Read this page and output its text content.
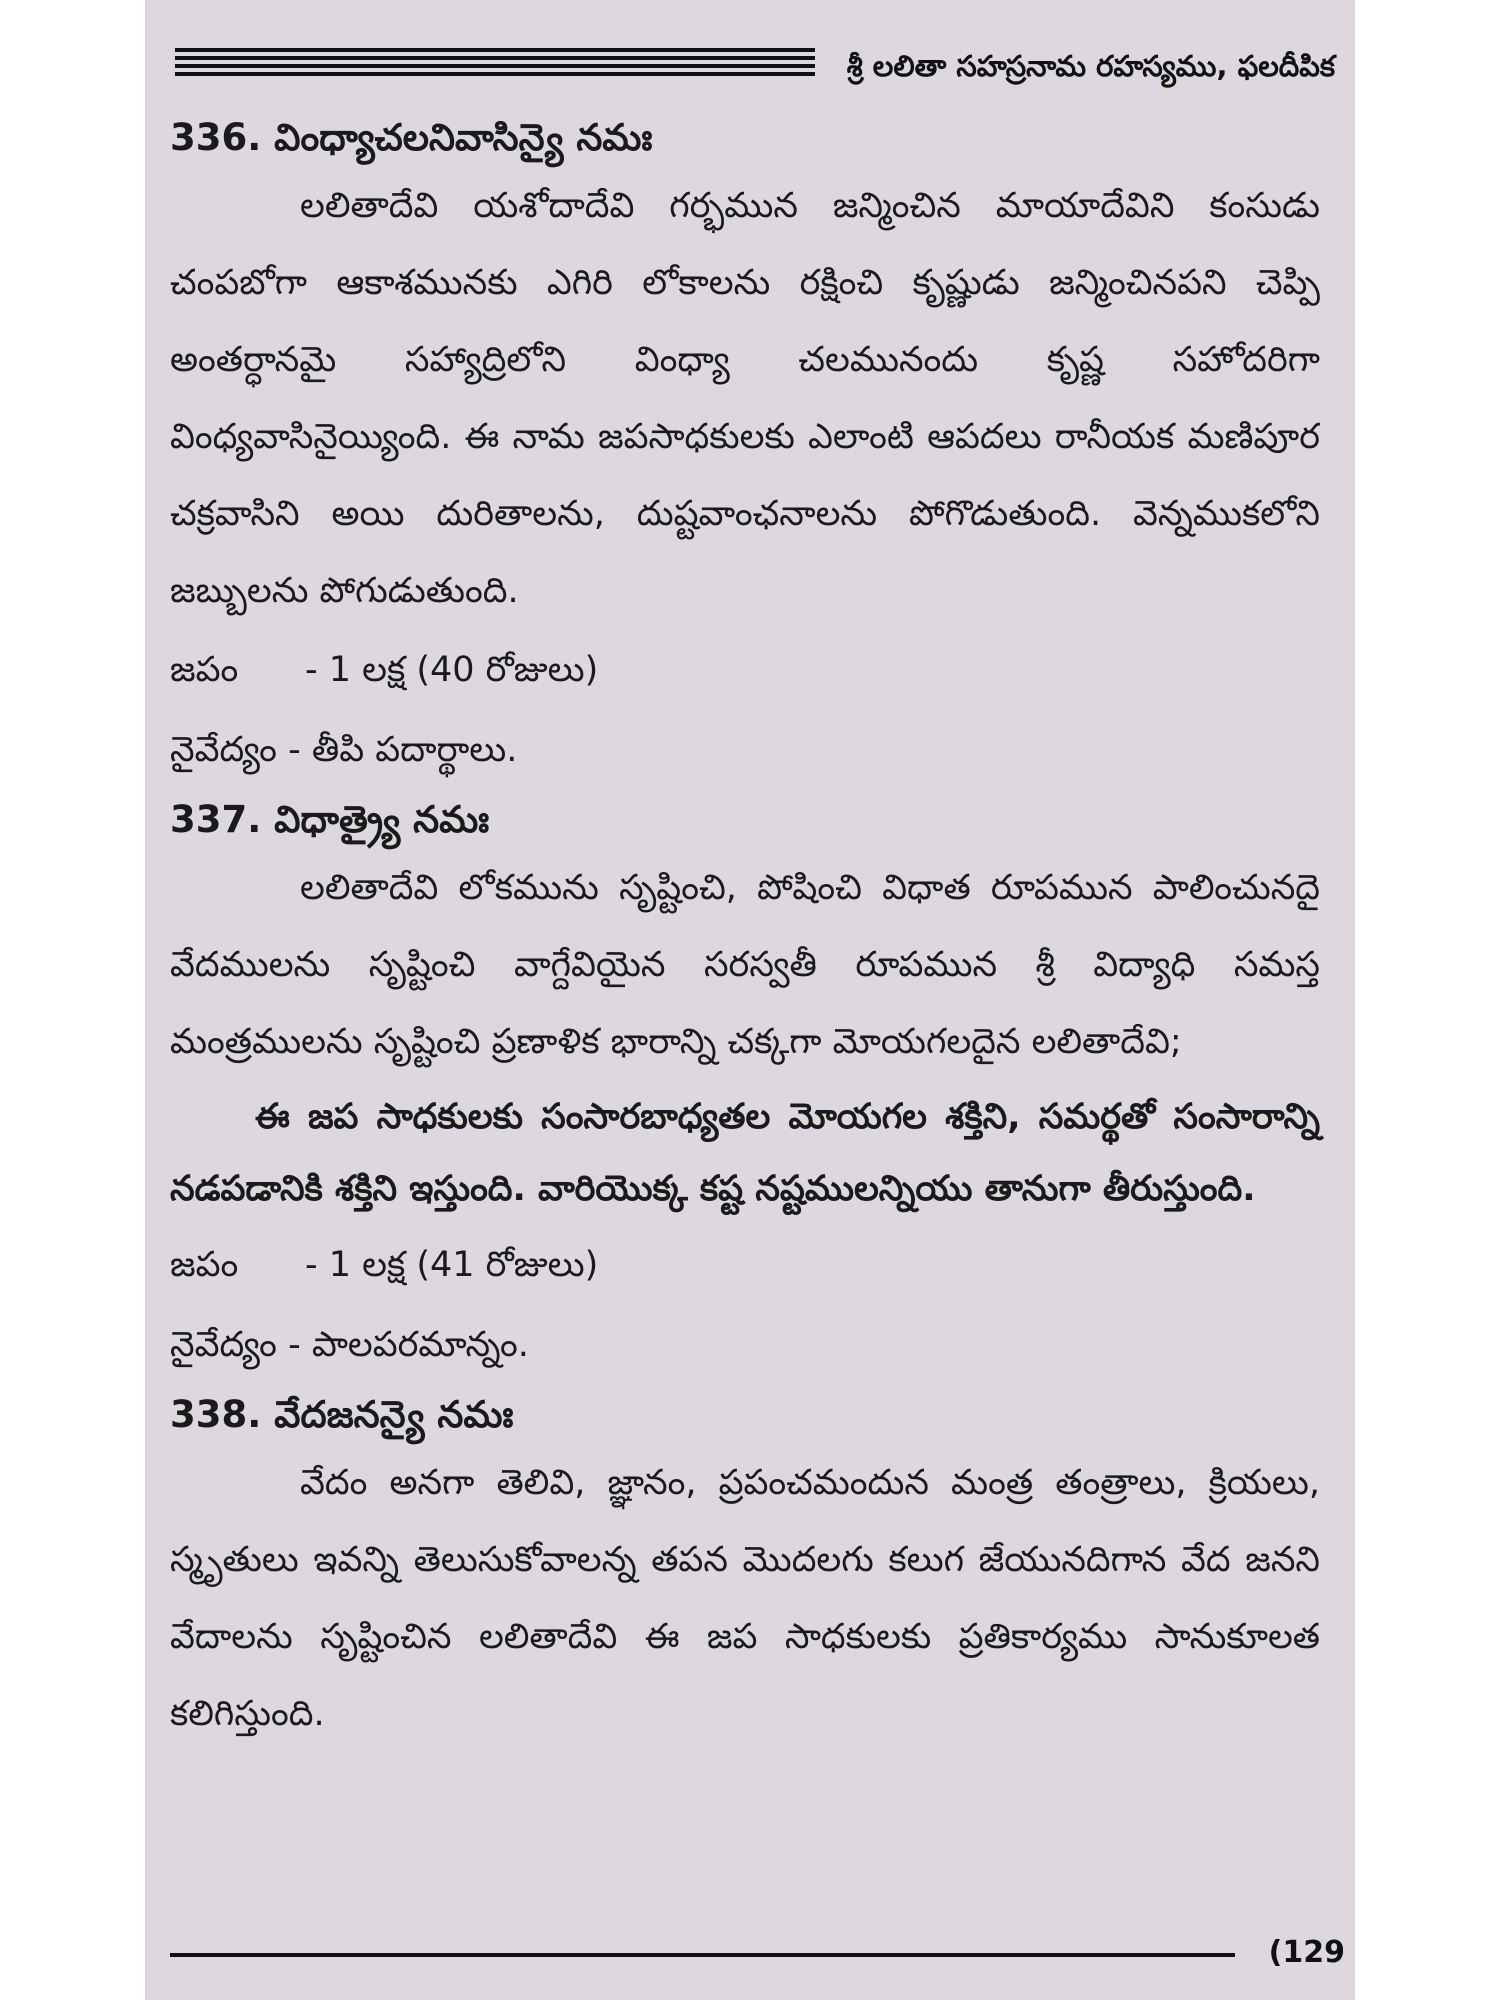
శ్రీ లలితా సహస్రనామ రహస్యము, ఫలదీపిక

336. వింధ్యాచలనివాసిన్యై నమః

లలితాదేవి యశోదాదేవి గర్భమున జన్మించిన మాయాదేవిని కంసుడు చంపబోగా ఆకాశమునకు ఎగిరి లోకాలను రక్షించి కృష్ణుడు జన్మించినపని చెప్పి అంతర్ధానమై సహ్యాద్రిలోని వింధ్యా చలమునందు కృష్ణ సహోదరిగా వింధ్యవాసినైయ్యింది. ఈ నామ జపసాధకులకు ఎలాంటి ఆపదలు రానీయక మణిపూర చక్రవాసిని అయి దురితాలను, దుష్టవాంఛనాలను పోగొడుతుంది. వెన్నముకలోని జబ్బులను పోగుడుతుంది.

జపం - 1 లక్ష (40 రోజులు)

నైవేద్యం - తీపి పదార్థాలు.

337. విధాత్ర్యై నమః

లలితాదేవి లోకమును సృష్టించి, పోషించి విధాత రూపమున పాలించునదై వేదములను సృష్టించి వాగ్దేవియైన సరస్వతీ రూపమున శ్రీ విద్యాధి సమస్త మంత్రములను సృష్టించి ప్రణాళిక భారాన్ని చక్కగా మోయగలదైన లలితాదేవి;

ఈ జప సాధకులకు సంసారబాధ్యతల మోయగల శక్తిని, సమర్థతో సంసారాన్ని నడపడానికి శక్తిని ఇస్తుంది. వారియొక్క కష్ట నష్టములన్నియు తానుగా తీరుస్తుంది.

జపం - 1 లక్ష (41 రోజులు)

నైవేద్యం - పాలపరమాన్నం.

338. వేదజనన్యై నమః

వేదం అనగా తెలివి, జ్ఞానం, ప్రపంచమందున మంత్ర తంత్రాలు, క్రియలు, స్మృతులు ఇవన్ని తెలుసుకోవాలన్న తపన మొదలగు కలుగ జేయునదిగాన వేద జనని వేదాలను సృష్టించిన లలితాదేవి ఈ జప సాధకులకు ప్రతికార్యము సానుకూలత కలిగిస్తుంది.

(129
